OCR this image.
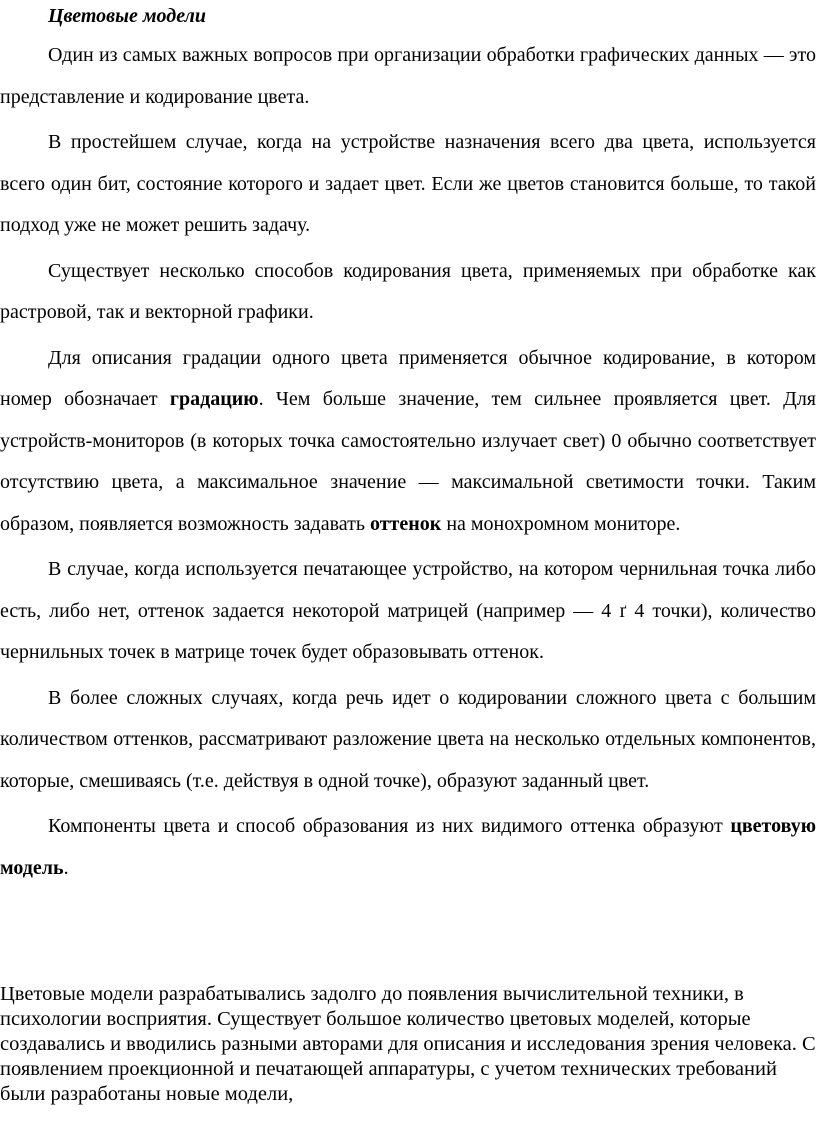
Цветовые модели

Один из самых важных вопросов при организации обработки графических данных — это представление и кодирование цвета.

В простейшем случае, когда на устройстве назначения всего два цвета, используется всего один бит, состояние которого и задает цвет. Если же цветов становится больше, то такой подход уже не может решить задачу.

Существует несколько способов кодирования цвета, применяемых при обработке как растровой, так и векторной графики.

Для описания градации одного цвета применяется обычное кодирование, в котором номер обозначает градацию. Чем больше значение, тем сильнее проявляется цвет. Для устройств-мониторов (в которых точка самостоятельно излучает свет) 0 обычно соответствует отсутствию цвета, а максимальное значение — максимальной светимости точки. Таким образом, появляется возможность задавать оттенок на монохромном мониторе.

В случае, когда используется печатающее устройство, на котором чернильная точка либо есть, либо нет, оттенок задается некоторой матрицей (например — 4 ґ 4 точки), количество чернильных точек в матрице точек будет образовывать оттенок.

В более сложных случаях, когда речь идет о кодировании сложного цвета с большим количеством оттенков, рассматривают разложение цвета на несколько отдельных компонентов, которые, смешиваясь (т.е. действуя в одной точке), образуют заданный цвет.

Компоненты цвета и способ образования из них видимого оттенка образуют цветовую модель.

Цветовые модели разрабатывались задолго до появления вычислительной техники, в психологии восприятия. Существует большое количество цветовых моделей, которые создавались и вводились разными авторами для описания и исследования зрения человека. С появлением проекционной и печатающей аппаратуры, с учетом технических требований были разработаны новые модели,
